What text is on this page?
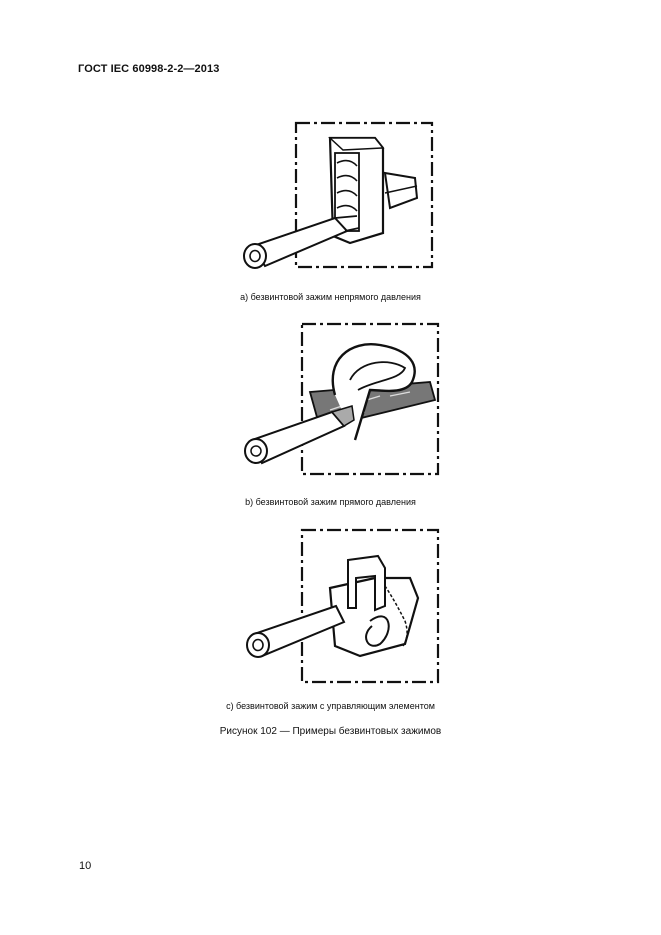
ГОСТ IEC 60998-2-2—2013
a) безвинтовой зажим непрямого давления
b) безвинтовой зажим прямого давления
c) безвинтовой зажим с управляющим элементом
Рисунок 102 — Примеры безвинтовых зажимов
10
